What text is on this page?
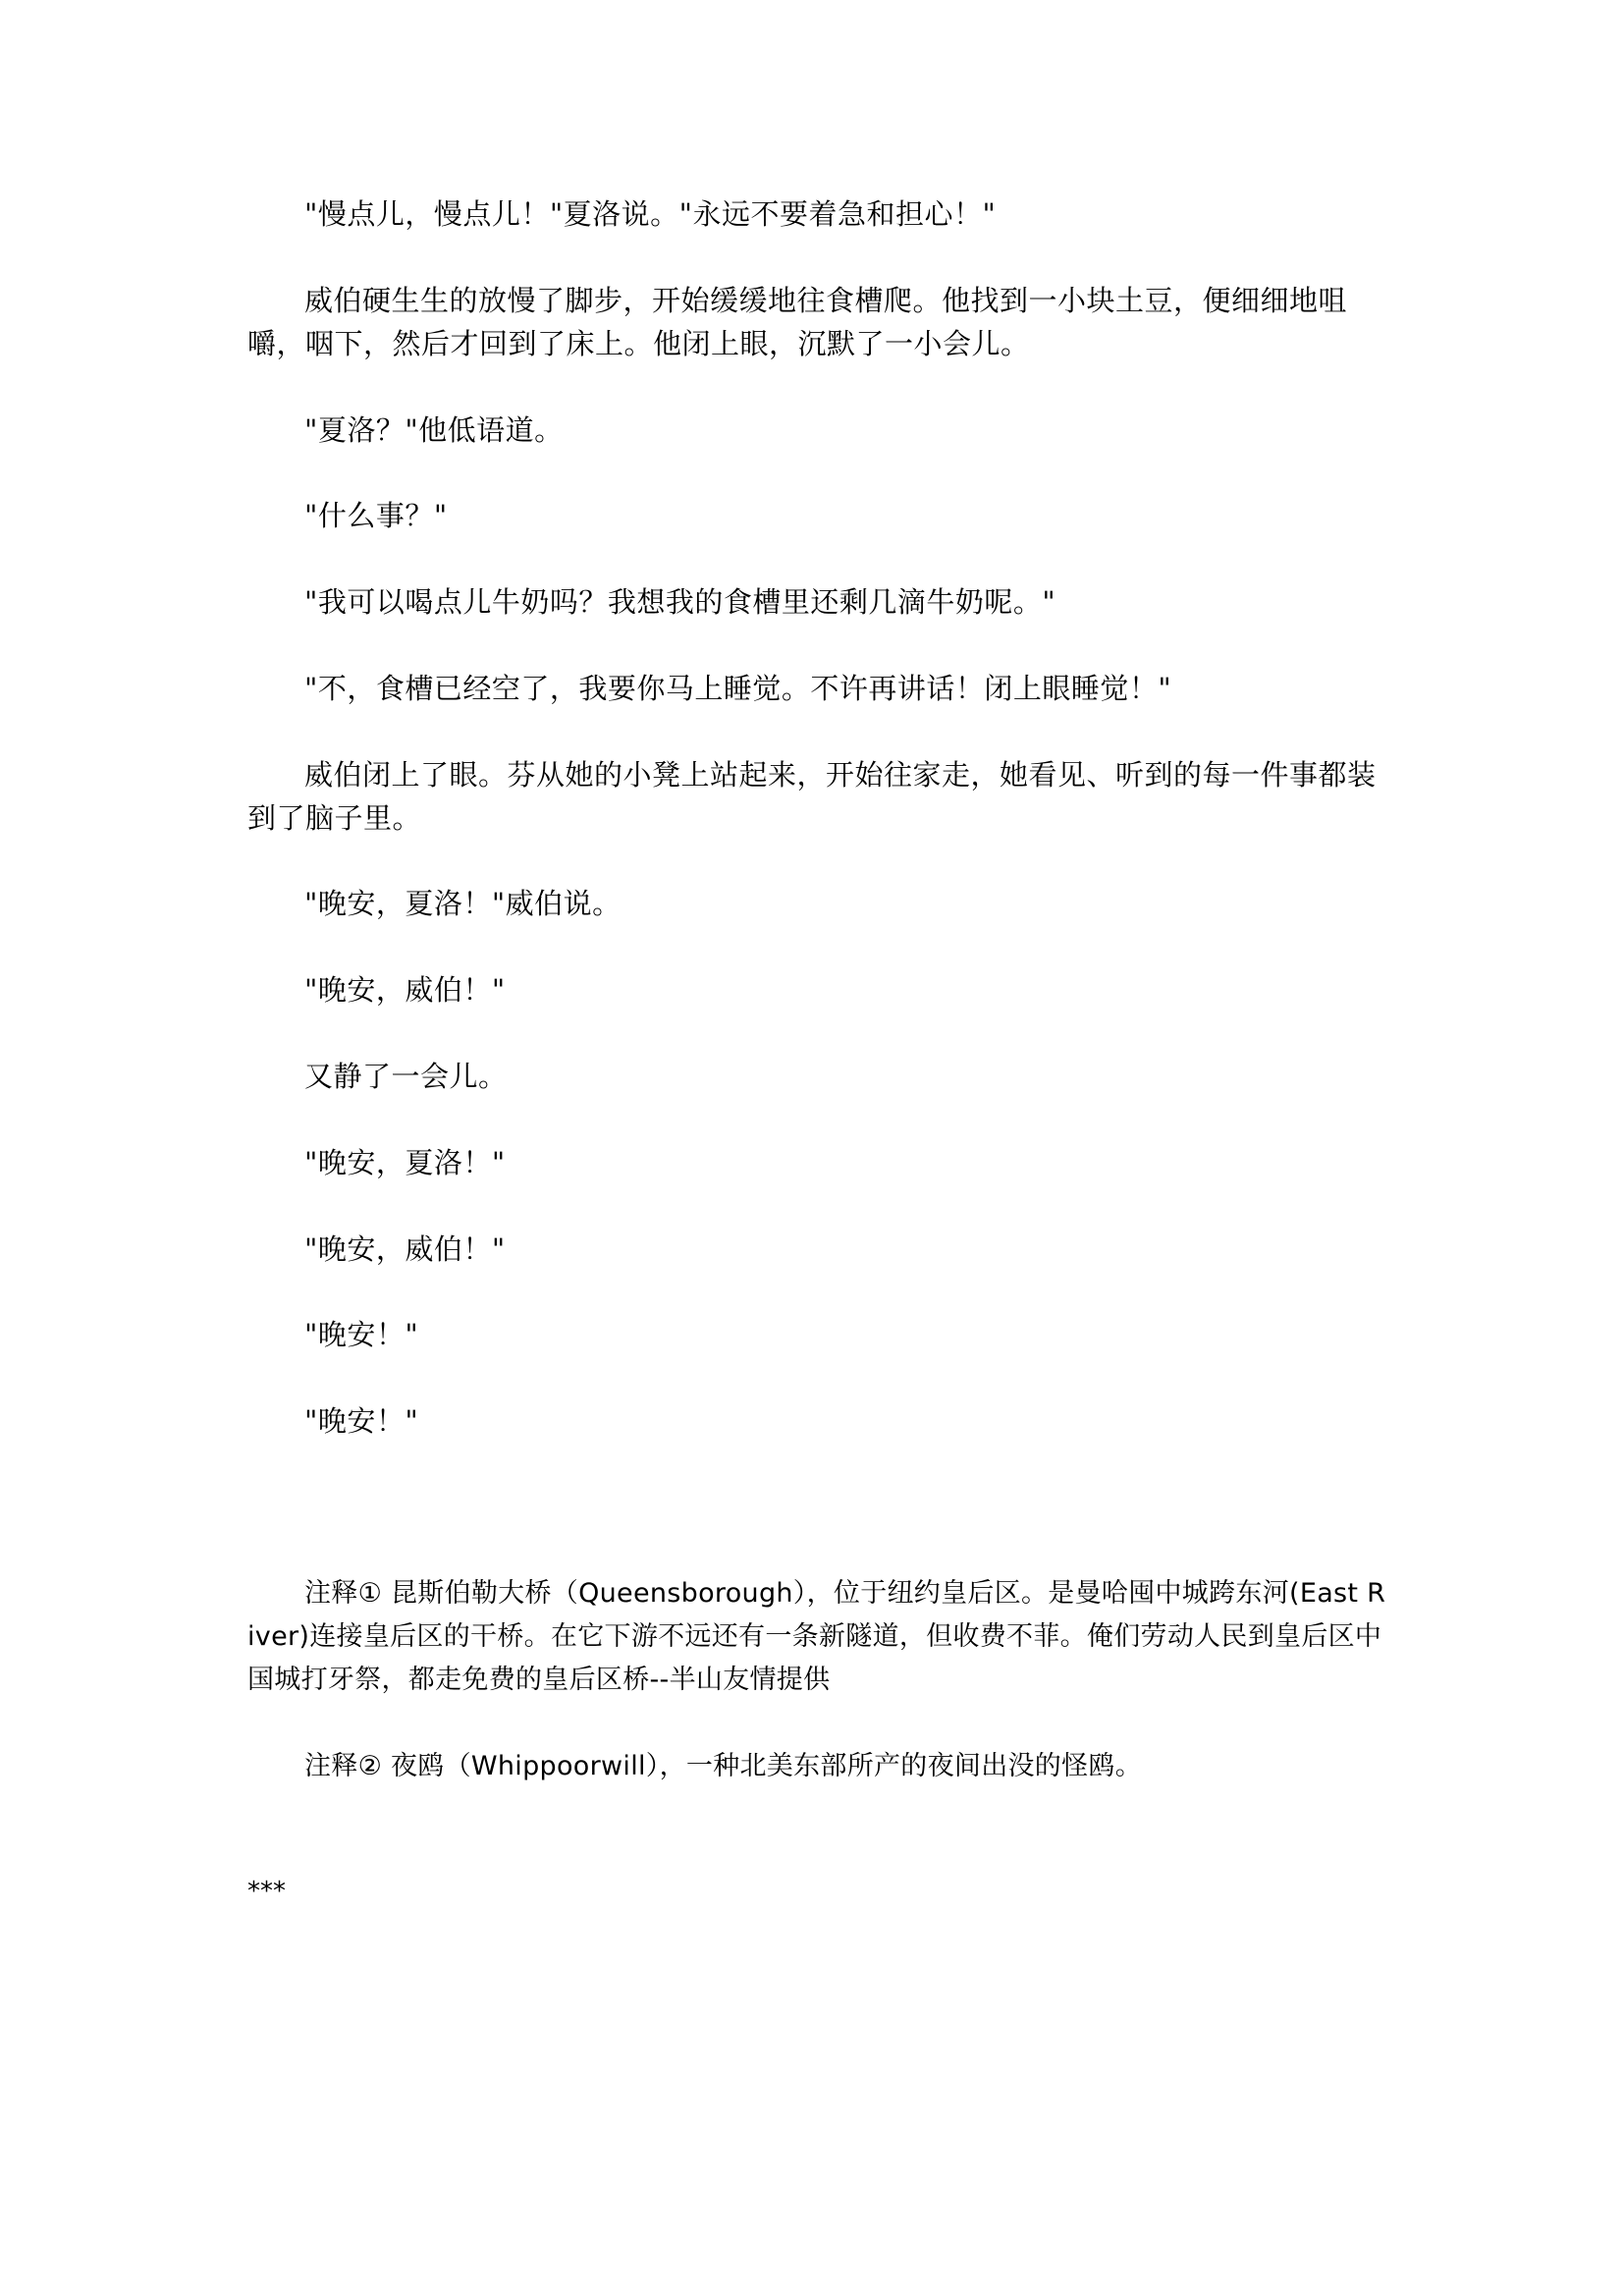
"慢点儿，慢点儿！"夏洛说。"永远不要着急和担心！"
威伯硬生生的放慢了脚步，开始缓缓地往食槽爬。他找到一小块土豆，便细细地咀嚼，咽下，然后才回到了床上。他闭上眼，沉默了一小会儿。
"夏洛？"他低语道。
"什么事？"
"我可以喝点儿牛奶吗？我想我的食槽里还剩几滴牛奶呢。"
"不，食槽已经空了，我要你马上睡觉。不许再讲话！闭上眼睡觉！"
威伯闭上了眼。芬从她的小凳上站起来，开始往家走，她看见、听到的每一件事都装到了脑子里。
"晚安，夏洛！"威伯说。
"晚安，威伯！"
又静了一会儿。
"晚安，夏洛！"
"晚安，威伯！"
"晚安！"
"晚安！"
注释① 昆斯伯勒大桥（Queensborough），位于纽约皇后区。是曼哈囤中城跨东河(East River)连接皇后区的干桥。在它下游不远还有一条新隧道，但收费不菲。俺们劳动人民到皇后区中国城打牙祭，都走免费的皇后区桥--半山友情提供
注释② 夜鸥（Whippoorwill），一种北美东部所产的夜间出没的怪鸥。
***
